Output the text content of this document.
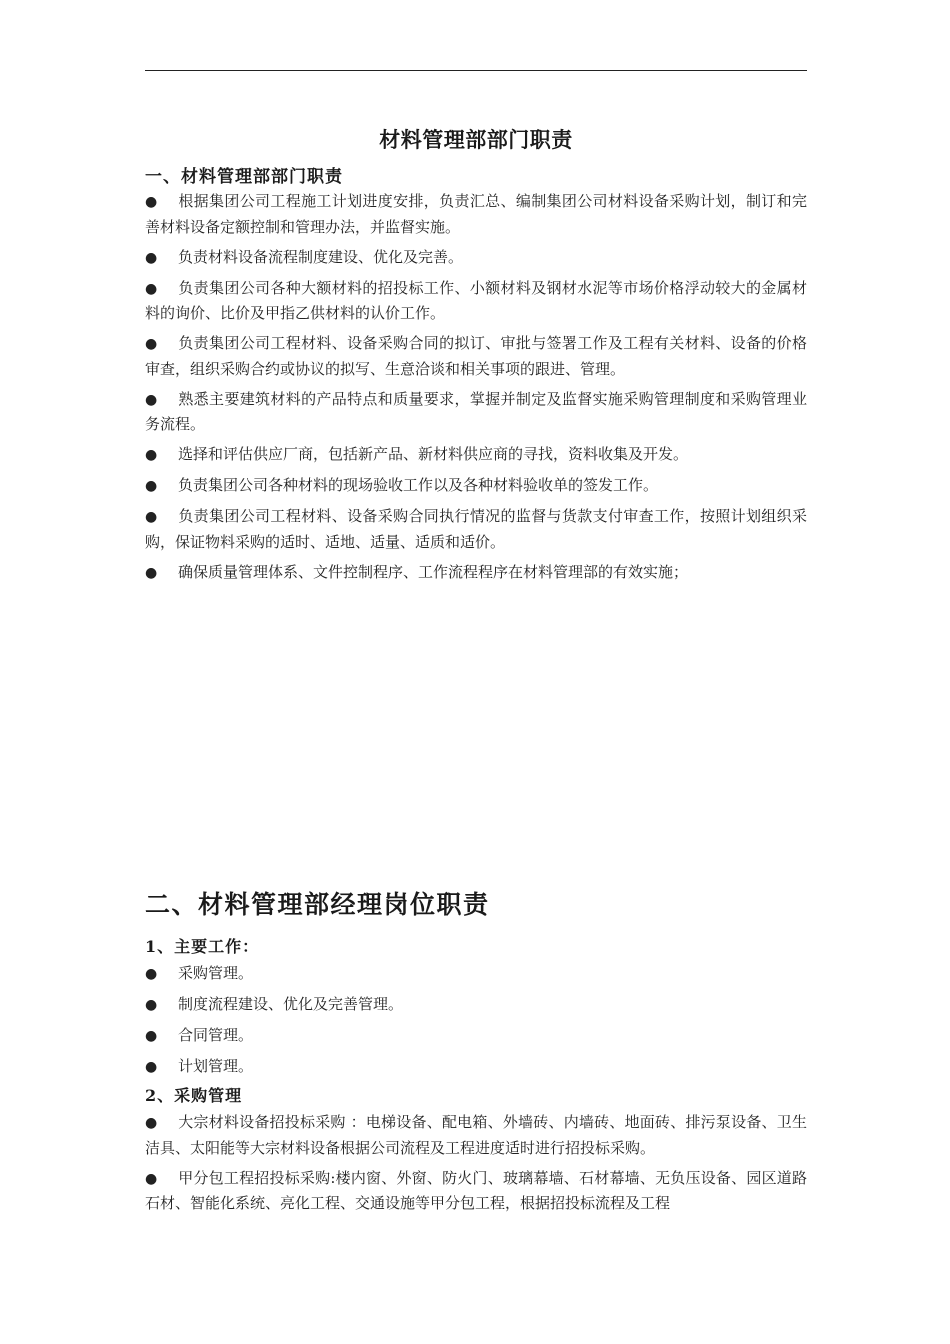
材料管理部部门职责
一、材料管理部部门职责
● 根据集团公司工程施工计划进度安排，负责汇总、编制集团公司材料设备采购计划，制订和完善材料设备定额控制和管理办法，并监督实施。
● 负责材料设备流程制度建设、优化及完善。
● 负责集团公司各种大额材料的招投标工作、小额材料及钢材水泥等市场价格浮动较大的金属材料的询价、比价及甲指乙供材料的认价工作。
● 负责集团公司工程材料、设备采购合同的拟订、审批与签署工作及工程有关材料、设备的价格审查，组织采购合约或协议的拟写、生意洽谈和相关事项的跟进、管理。
● 熟悉主要建筑材料的产品特点和质量要求，掌握并制定及监督实施采购管理制度和采购管理业务流程。
● 选择和评估供应厂商，包括新产品、新材料供应商的寻找，资料收集及开发。
● 负责集团公司各种材料的现场验收工作以及各种材料验收单的签发工作。
● 负责集团公司工程材料、设备采购合同执行情况的监督与货款支付审查工作，按照计划组织采购，保证物料采购的适时、适地、适量、适质和适价。
● 确保质量管理体系、文件控制程序、工作流程程序在材料管理部的有效实施；
二、材料管理部经理岗位职责
1、主要工作：
● 采购管理。
● 制度流程建设、优化及完善管理。
● 合同管理。
● 计划管理。
2、采购管理
● 大宗材料设备招投标采购 ：电梯设备、配电箱、外墙砖、内墙砖、地面砖、排污泵设备、卫生洁具、太阳能等大宗材料设备根据公司流程及工程进度适时进行招投标采购。
● 甲分包工程招投标采购:楼内窗、外窗、防火门、玻璃幕墙、石材幕墙、无负压设备、园区道路石材、智能化系统、亮化工程、交通设施等甲分包工程，根据招投标流程及工程
